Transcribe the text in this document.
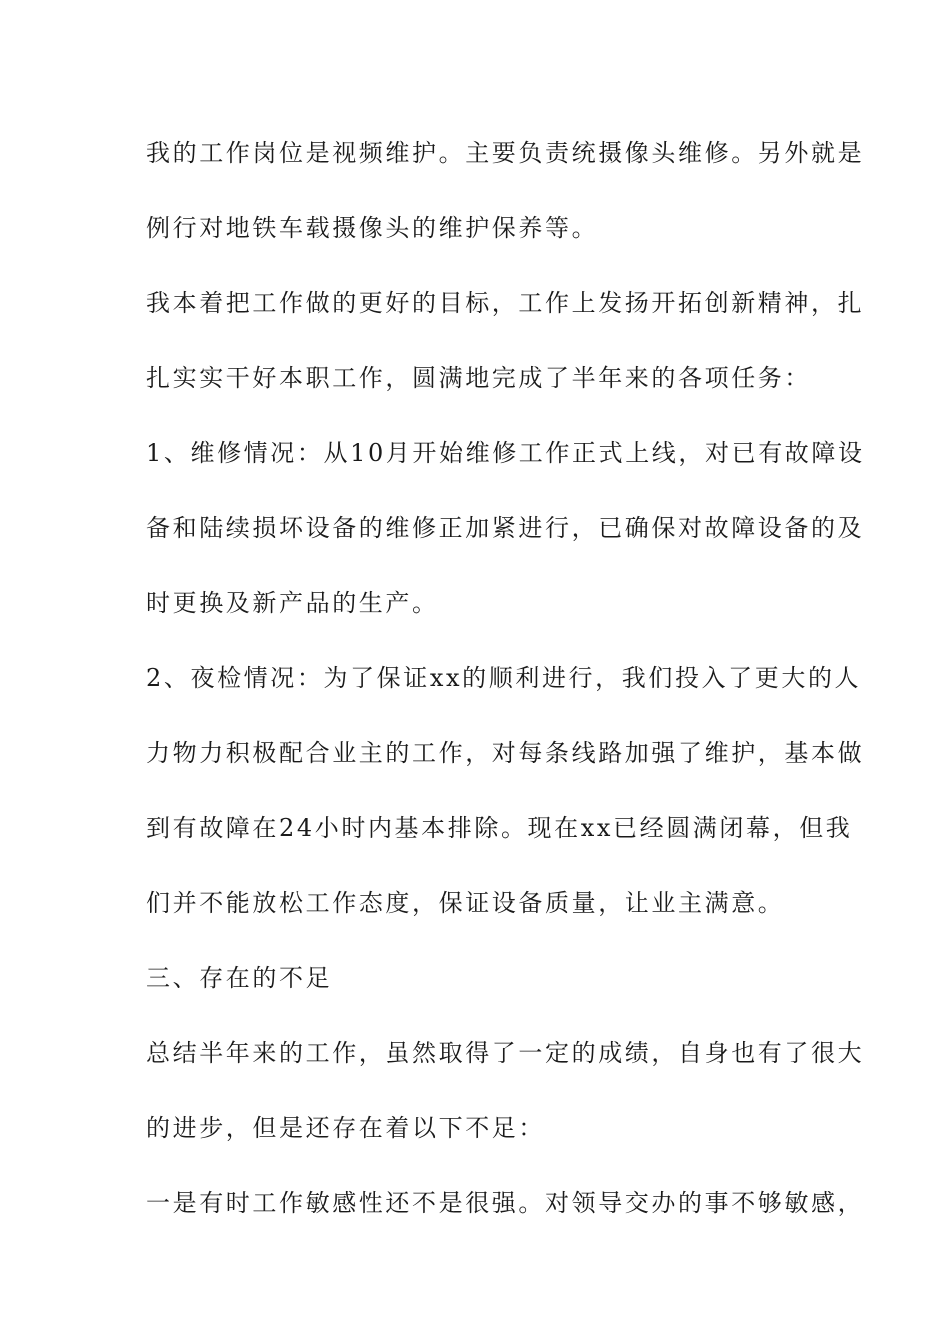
我的工作岗位是视频维护。主要负责统摄像头维修。另外就是
例行对地铁车载摄像头的维护保养等。
我本着把工作做的更好的目标，工作上发扬开拓创新精神，扎
扎实实干好本职工作，圆满地完成了半年来的各项任务：
1、维修情况：从10月开始维修工作正式上线，对已有故障设
备和陆续损坏设备的维修正加紧进行，已确保对故障设备的及
时更换及新产品的生产。
2、夜检情况：为了保证xx的顺利进行，我们投入了更大的人
力物力积极配合业主的工作，对每条线路加强了维护，基本做
到有故障在24小时内基本排除。现在xx已经圆满闭幕，但我
们并不能放松工作态度，保证设备质量，让业主满意。
三、存在的不足
总结半年来的工作，虽然取得了一定的成绩，自身也有了很大
的进步，但是还存在着以下不足：
一是有时工作敏感性还不是很强。对领导交办的事不够敏感，
